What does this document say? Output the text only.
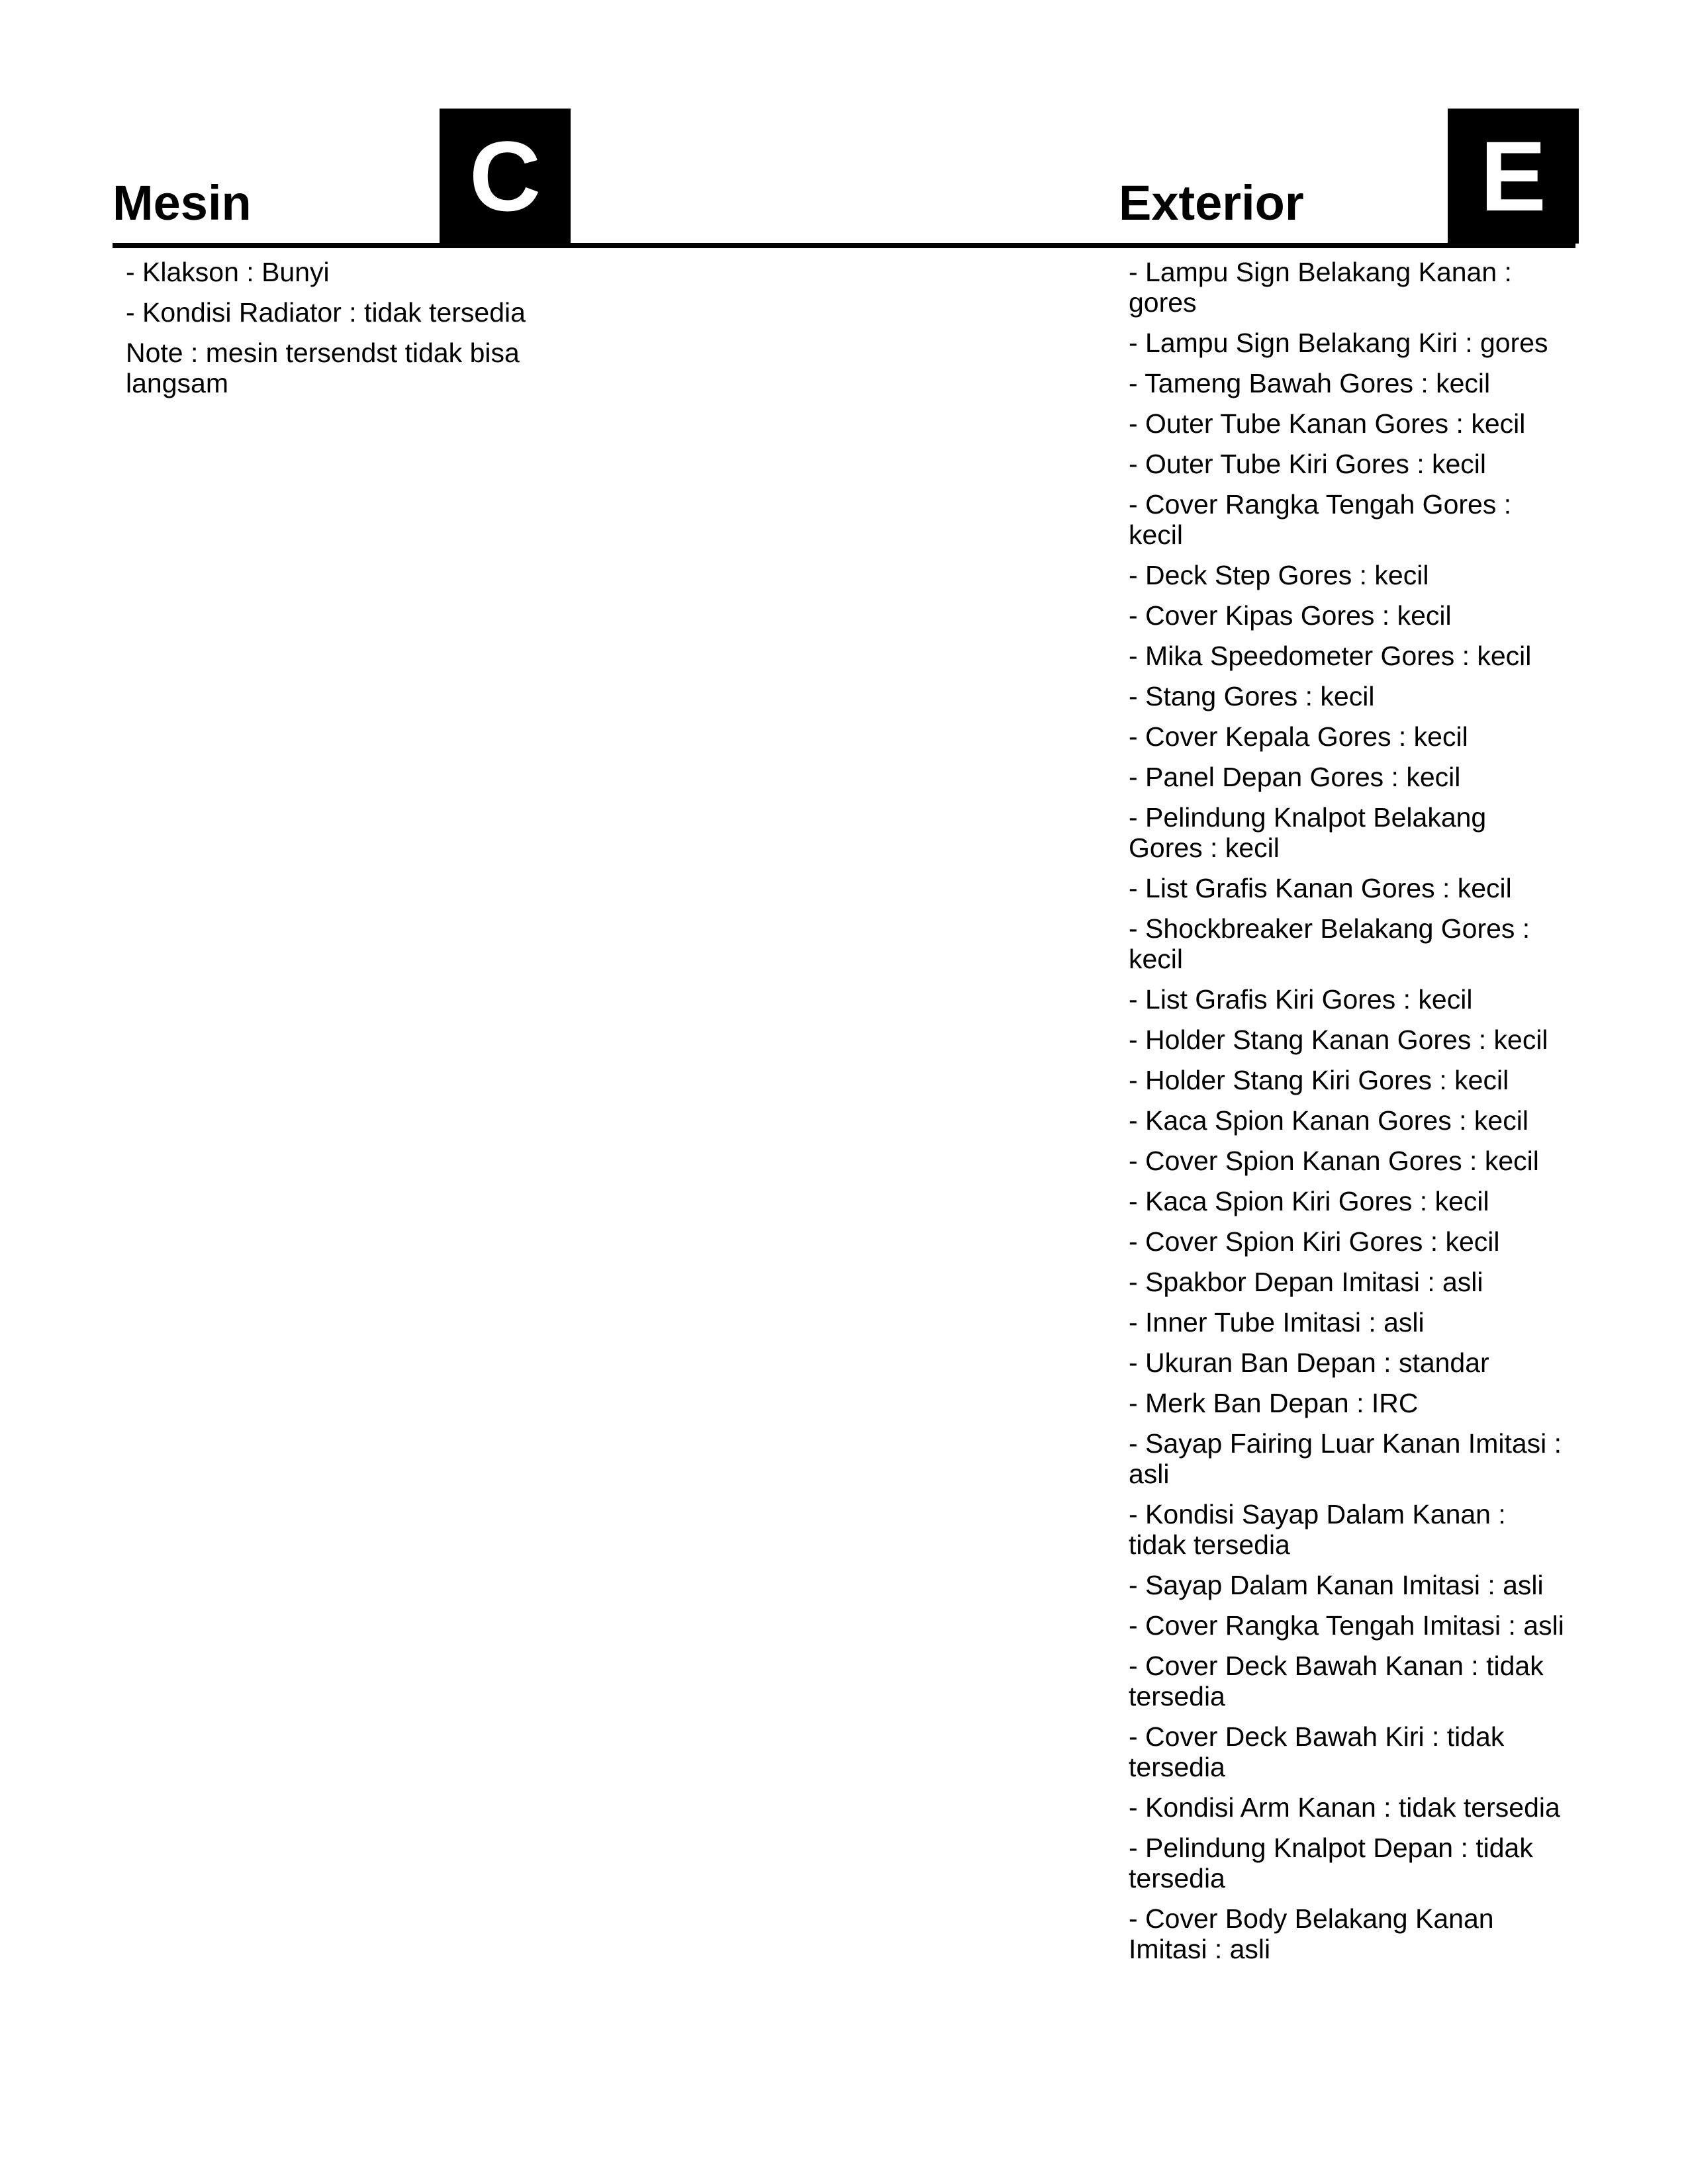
Mesin C
- Klakson : Bunyi
- Kondisi Radiator : tidak tersedia
Note : mesin tersendst tidak bisa langsam
Exterior	E
- Lampu Sign Belakang Kanan : gores
- Lampu Sign Belakang Kiri : gores
- Tameng Bawah Gores : kecil
- Outer Tube Kanan Gores : kecil
- Outer Tube Kiri Gores : kecil
- Cover Rangka Tengah Gores : kecil
- Deck Step Gores : kecil
- Cover Kipas Gores : kecil
- Mika Speedometer Gores : kecil
- Stang Gores : kecil
- Cover Kepala Gores : kecil
- Panel Depan Gores : kecil
- Pelindung Knalpot Belakang Gores : kecil
- List Grafis Kanan Gores : kecil
- Shockbreaker Belakang Gores : kecil
- List Grafis Kiri Gores : kecil
- Holder Stang Kanan Gores : kecil
- Holder Stang Kiri Gores : kecil
- Kaca Spion Kanan Gores : kecil
- Cover Spion Kanan Gores : kecil
- Kaca Spion Kiri Gores : kecil
- Cover Spion Kiri Gores : kecil
- Spakbor Depan Imitasi : asli
- Inner Tube Imitasi : asli
- Ukuran Ban Depan : standar
- Merk Ban Depan : IRC
- Sayap Fairing Luar Kanan Imitasi : asli
- Kondisi Sayap Dalam Kanan : tidak tersedia
- Sayap Dalam Kanan Imitasi : asli
- Cover Rangka Tengah Imitasi : asli
- Cover Deck Bawah Kanan : tidak tersedia
- Cover Deck Bawah Kiri : tidak tersedia
- Kondisi Arm Kanan : tidak tersedia
- Pelindung Knalpot Depan : tidak tersedia
- Cover Body Belakang Kanan Imitasi : asli
